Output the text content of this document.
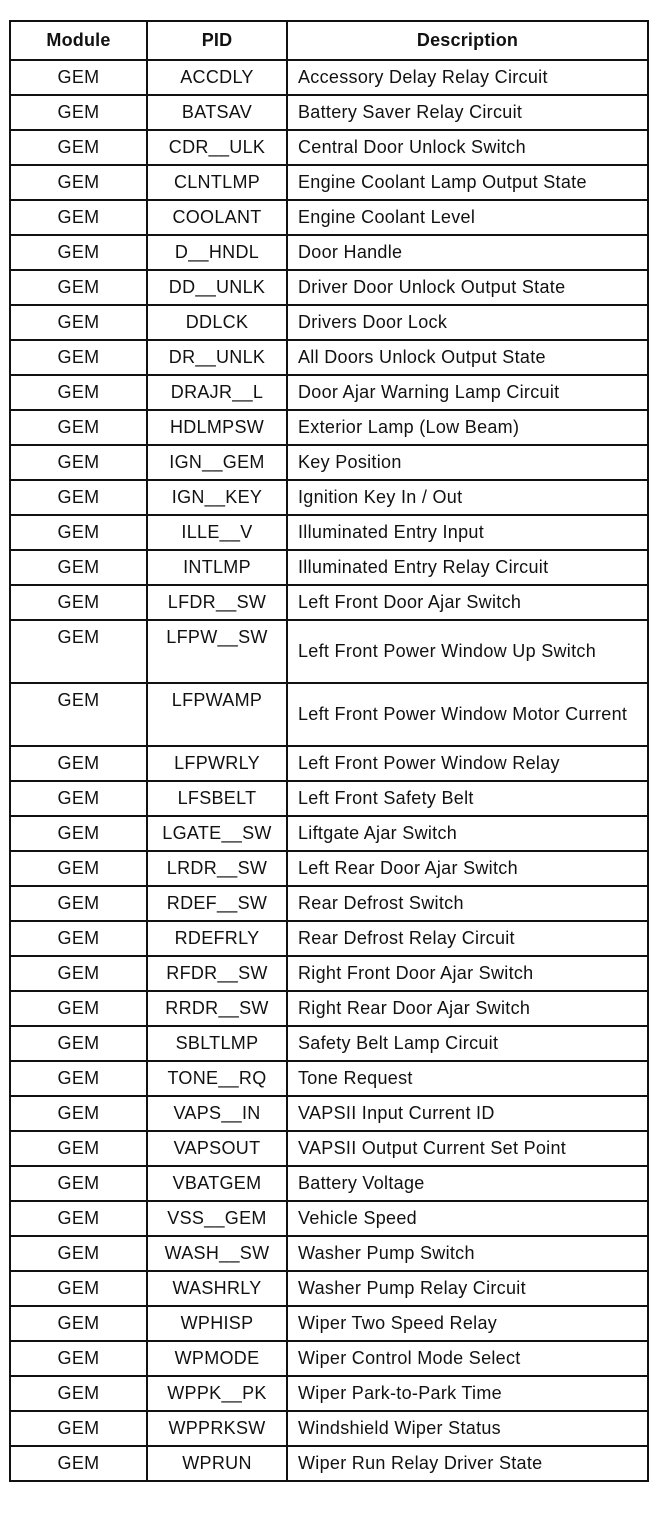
Module	PID	Description
GEM	ACCDLY	Accessory Delay Relay Circuit
GEM	BATSAV	Battery Saver Relay Circuit
GEM	CDR__ULK	Central Door Unlock Switch
GEM	CLNTLMP	Engine Coolant Lamp Output State
GEM	COOLANT	Engine Coolant Level
GEM	D__HNDL	Door Handle
GEM	DD__UNLK	Driver Door Unlock Output State
GEM	DDLCK	Drivers Door Lock
GEM	DR__UNLK	All Doors Unlock Output State
GEM	DRAJR__L	Door Ajar Warning Lamp Circuit
GEM	HDLMPSW	Exterior Lamp (Low Beam)
GEM	IGN__GEM	Key Position
GEM	IGN__KEY	Ignition Key In / Out
GEM	ILLE__V	Illuminated Entry Input
GEM	INTLMP	Illuminated Entry Relay Circuit
GEM	LFDR__SW	Left Front Door Ajar Switch
GEM	LFPW__SW	Left Front Power Window Up Switch
GEM	LFPWAMP	Left Front Power Window Motor Current
GEM	LFPWRLY	Left Front Power Window Relay
GEM	LFSBELT	Left Front Safety Belt
GEM	LGATE__SW	Liftgate Ajar Switch
GEM	LRDR__SW	Left Rear Door Ajar Switch
GEM	RDEF__SW	Rear Defrost Switch
GEM	RDEFRLY	Rear Defrost Relay Circuit
GEM	RFDR__SW	Right Front Door Ajar Switch
GEM	RRDR__SW	Right Rear Door Ajar Switch
GEM	SBLTLMP	Safety Belt Lamp Circuit
GEM	TONE__RQ	Tone Request
GEM	VAPS__IN	VAPSII Input Current ID
GEM	VAPSOUT	VAPSII Output Current Set Point
GEM	VBATGEM	Battery Voltage
GEM	VSS__GEM	Vehicle Speed
GEM	WASH__SW	Washer Pump Switch
GEM	WASHRLY	Washer Pump Relay Circuit
GEM	WPHISP	Wiper Two Speed Relay
GEM	WPMODE	Wiper Control Mode Select
GEM	WPPK__PK	Wiper Park-to-Park Time
GEM	WPPRKSW	Windshield Wiper Status
GEM	WPRUN	Wiper Run Relay Driver State
